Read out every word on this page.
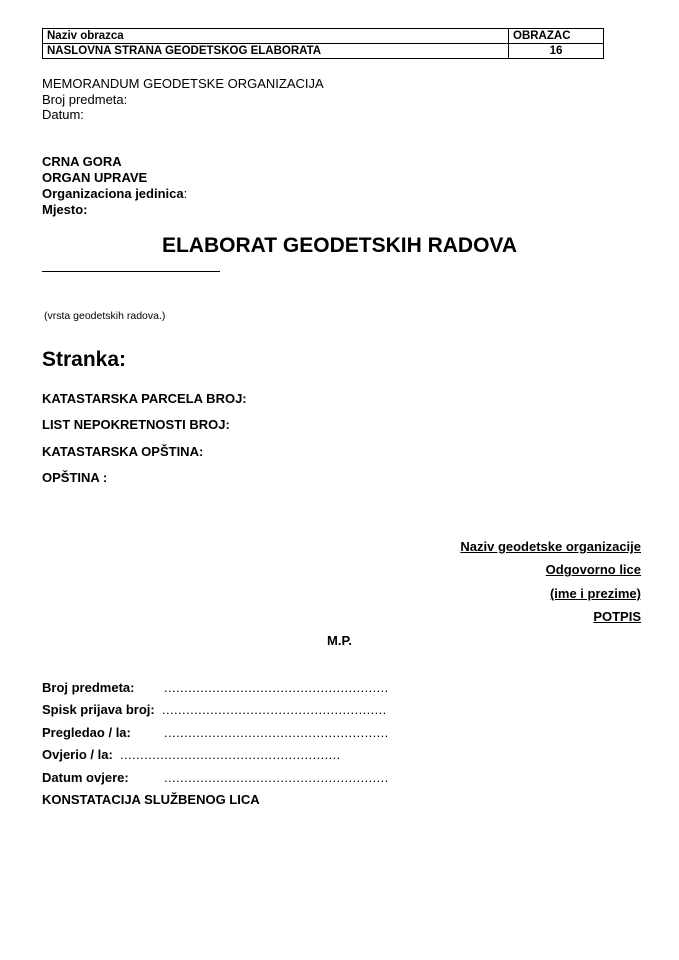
Naziv obrazca	OBRAZAC
NASLOVNA STRANA GEODETSKOG ELABORATA	16
MEMORANDUM GEODETSKE ORGANIZACIJA
Broj predmeta:
Datum:
CRNA GORA
ORGAN UPRAVE
Organizaciona jedinica:
Mjesto:
ELABORAT GEODETSKIH RADOVA
(vrsta geodetskih radova.)
Stranka:
KATASTARSKA PARCELA BROJ:
LIST NEPOKRETNOSTI BROJ:
KATASTARSKA OPŠTINA:
OPŠTINA :
Naziv geodetske organizacije
Odgovorno lice
(ime i prezime)
POTPIS
M.P.
Broj predmeta: ........................................................
Spisk prijava broj: ........................................................
Pregledao / la:	........................................................
Ovjerio / la: .......................................................
Datum ovjere:	........................................................
KONSTATACIJA SLUŽBENOG LICA
